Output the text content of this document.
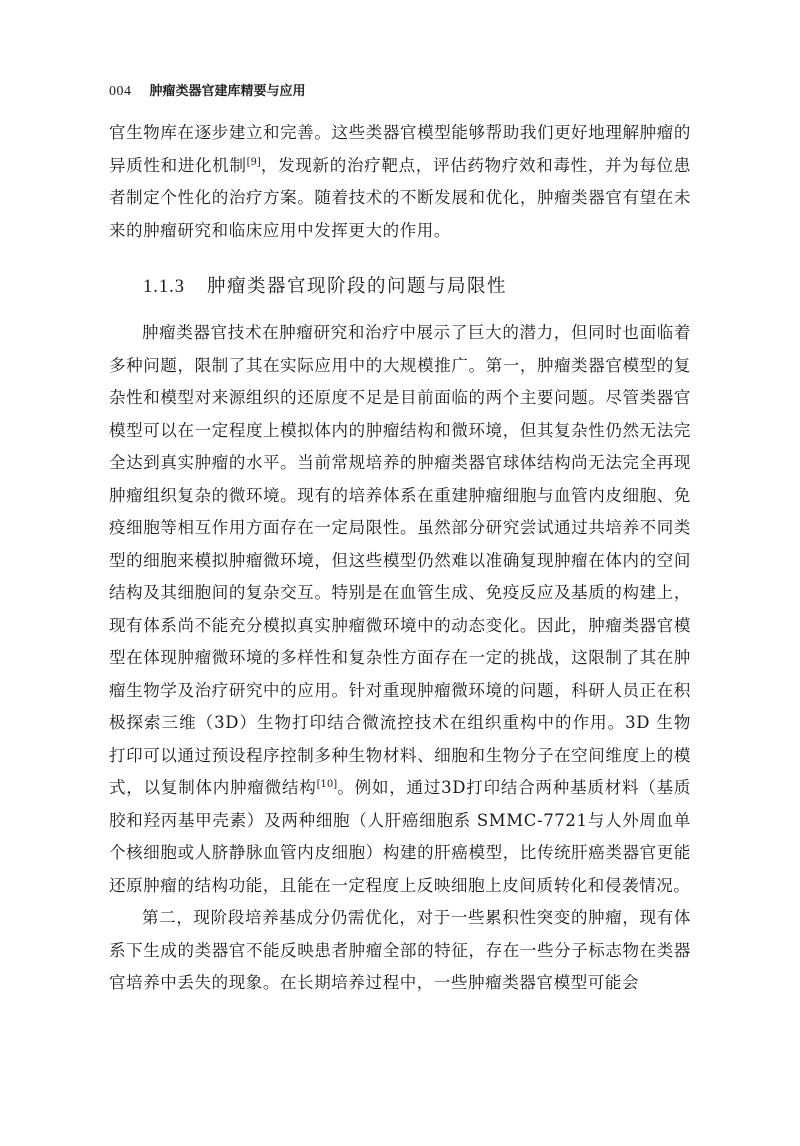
004 肿瘤类器官建库精要与应用

官生物库在逐步建立和完善。这些类器官模型能够帮助我们更好地理解肿瘤的异质性和进化机制[9]，发现新的治疗靶点，评估药物疗效和毒性，并为每位患者制定个性化的治疗方案。随着技术的不断发展和优化，肿瘤类器官有望在未来的肿瘤研究和临床应用中发挥更大的作用。

1.1.3 肿瘤类器官现阶段的问题与局限性

肿瘤类器官技术在肿瘤研究和治疗中展示了巨大的潜力，但同时也面临着多种问题，限制了其在实际应用中的大规模推广。第一，肿瘤类器官模型的复杂性和模型对来源组织的还原度不足是目前面临的两个主要问题。尽管类器官模型可以在一定程度上模拟体内的肿瘤结构和微环境，但其复杂性仍然无法完全达到真实肿瘤的水平。当前常规培养的肿瘤类器官球体结构尚无法完全再现肿瘤组织复杂的微环境。现有的培养体系在重建肿瘤细胞与血管内皮细胞、免疫细胞等相互作用方面存在一定局限性。虽然部分研究尝试通过共培养不同类型的细胞来模拟肿瘤微环境，但这些模型仍然难以准确复现肿瘤在体内的空间结构及其细胞间的复杂交互。特别是在血管生成、免疫反应及基质的构建上，现有体系尚不能充分模拟真实肿瘤微环境中的动态变化。因此，肿瘤类器官模型在体现肿瘤微环境的多样性和复杂性方面存在一定的挑战，这限制了其在肿瘤生物学及治疗研究中的应用。针对重现肿瘤微环境的问题，科研人员正在积极探索三维（3D）生物打印结合微流控技术在组织重构中的作用。3D 生物打印可以通过预设程序控制多种生物材料、细胞和生物分子在空间维度上的模式，以复制体内肿瘤微结构[10]。例如，通过3D打印结合两种基质材料（基质胶和羟丙基甲壳素）及两种细胞（人肝癌细胞系 SMMC-7721与人外周血单个核细胞或人脐静脉血管内皮细胞）构建的肝癌模型，比传统肝癌类器官更能还原肿瘤的结构功能，且能在一定程度上反映细胞上皮间质转化和侵袭情况。

第二，现阶段培养基成分仍需优化，对于一些累积性突变的肿瘤，现有体系下生成的类器官不能反映患者肿瘤全部的特征，存在一些分子标志物在类器官培养中丢失的现象。在长期培养过程中，一些肿瘤类器官模型可能会
